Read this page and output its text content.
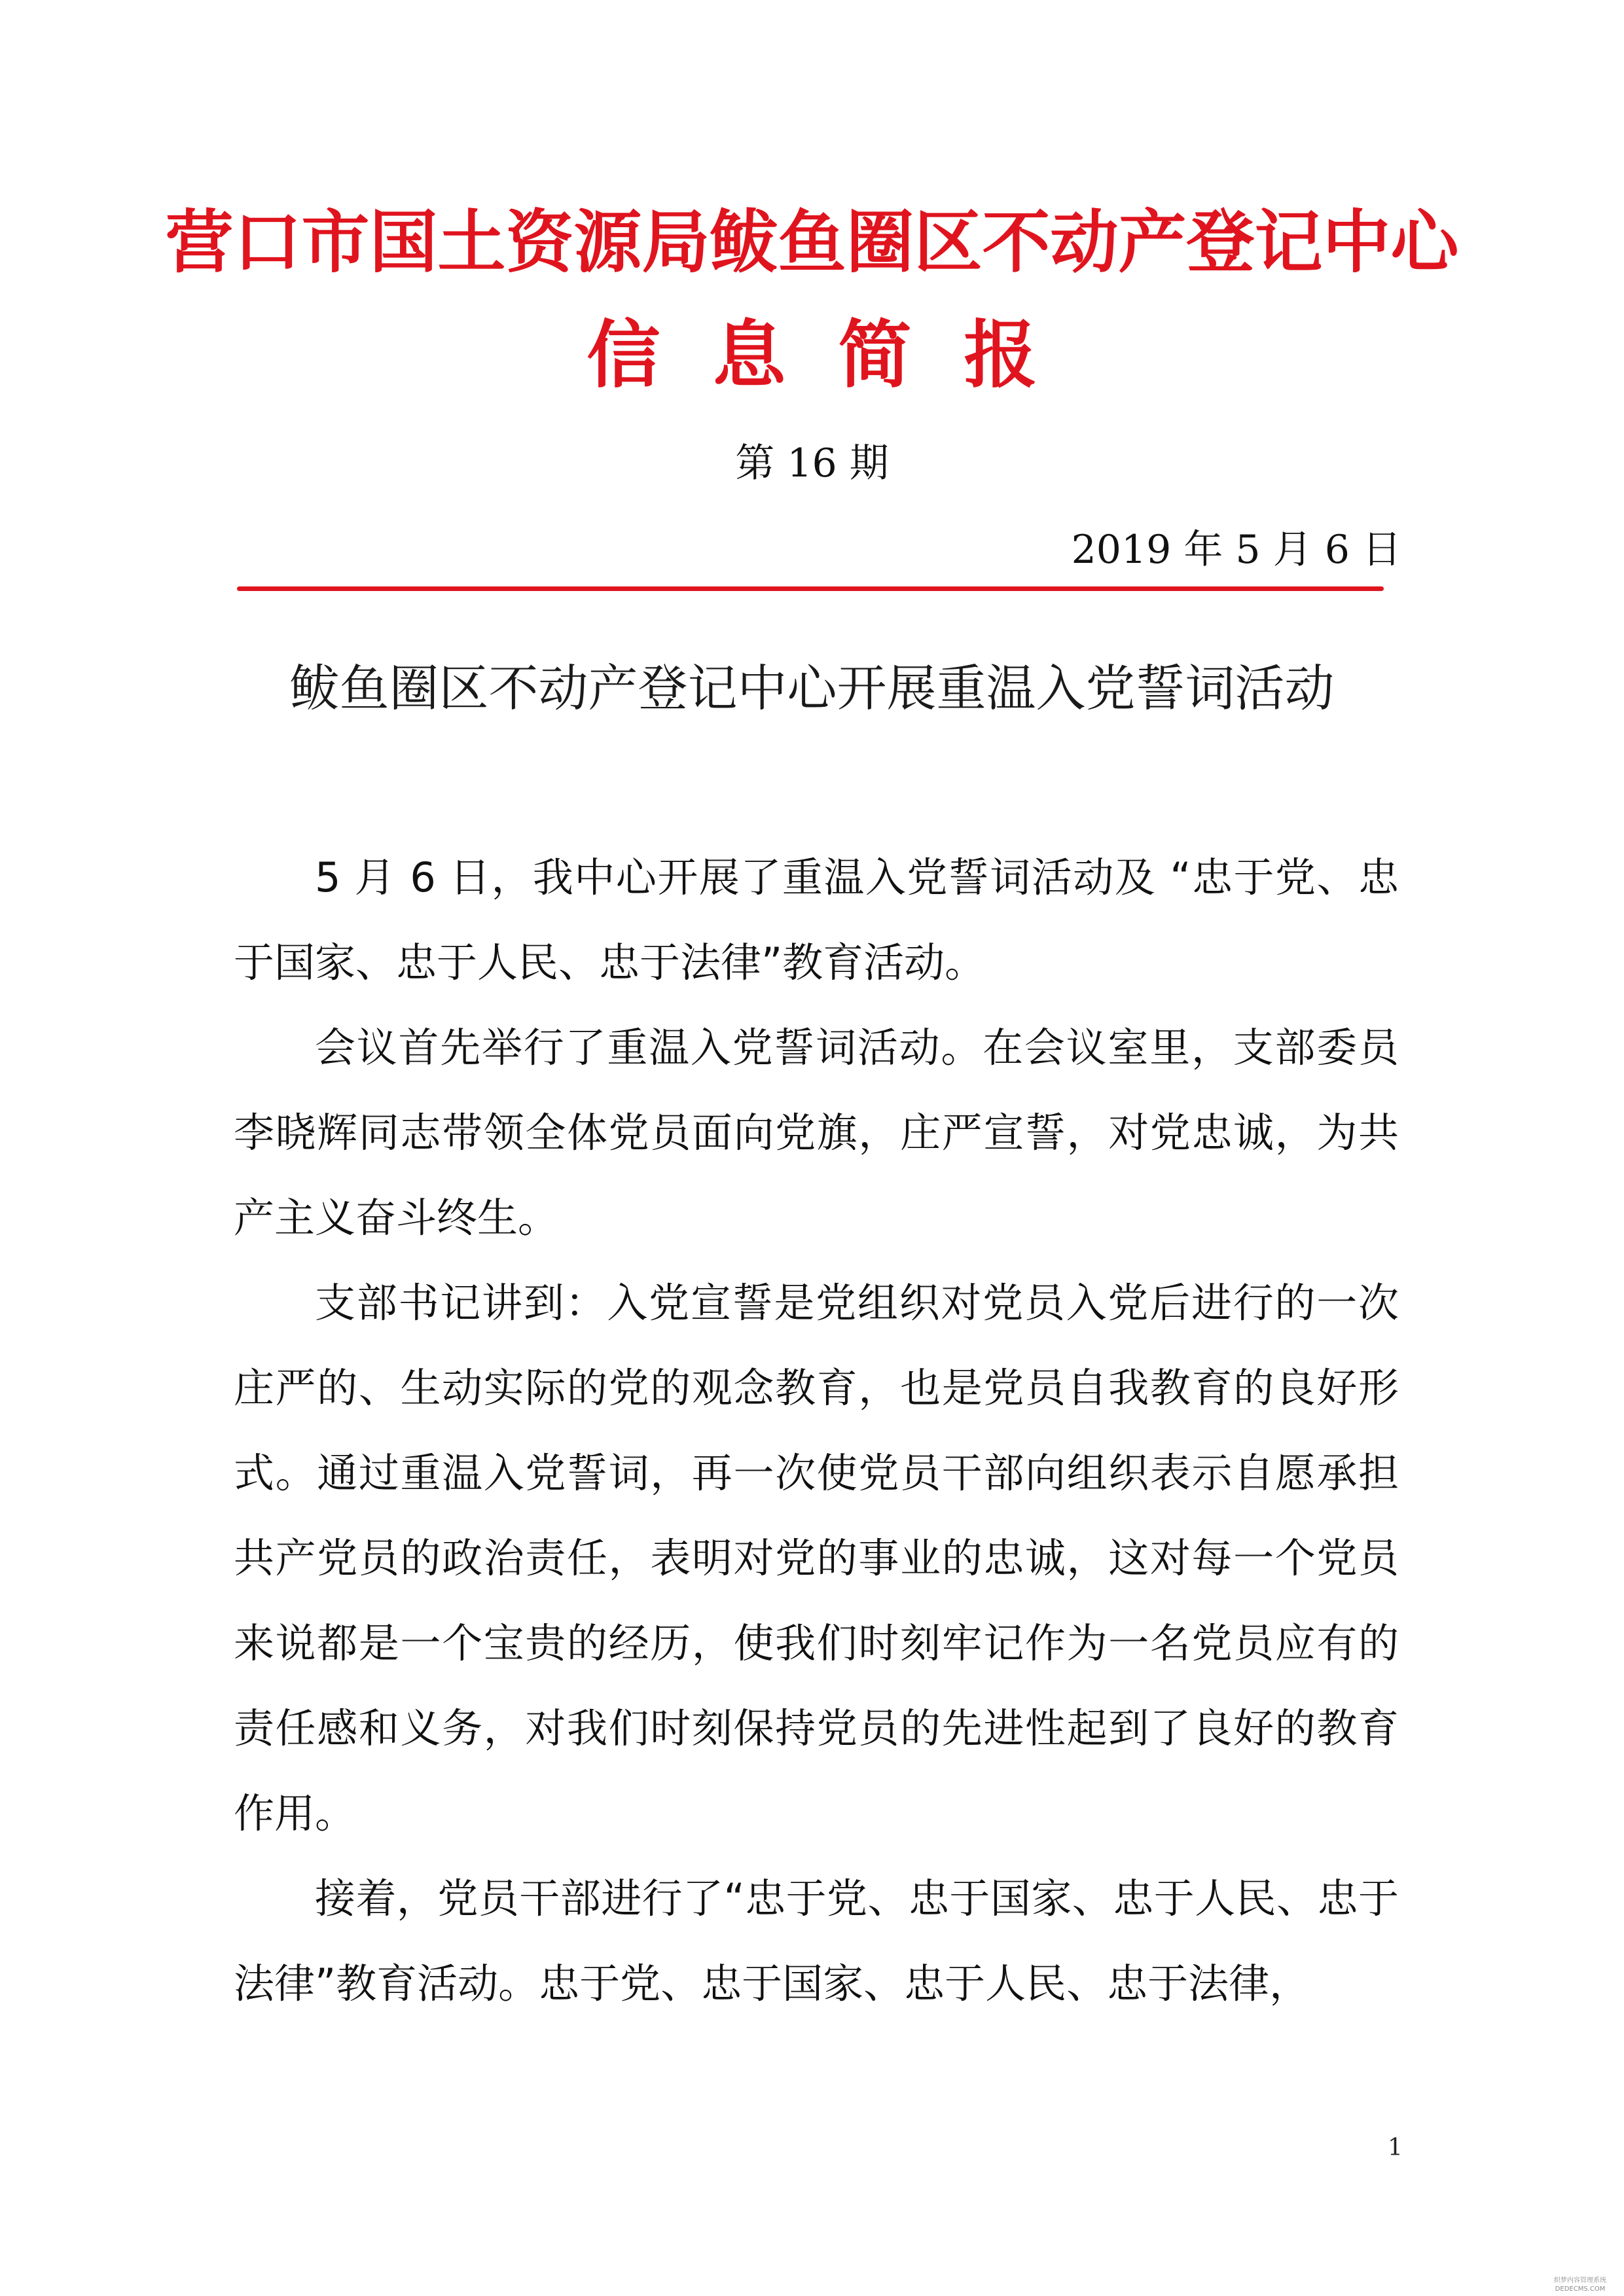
营口市国土资源局鲅鱼圈区不动产登记中心
信息简报
第 16 期
2019 年 5 月 6 日
鲅鱼圈区不动产登记中心开展重温入党誓词活动

5 月 6 日，我中心开展了重温入党誓词活动及 “忠于党、忠于国家、忠于人民、忠于法律”教育活动。

会议首先举行了重温入党誓词活动。在会议室里，支部委员李晓辉同志带领全体党员面向党旗，庄严宣誓，对党忠诚，为共产主义奋斗终生。

支部书记讲到：入党宣誓是党组织对党员入党后进行的一次庄严的、生动实际的党的观念教育，也是党员自我教育的良好形式。通过重温入党誓词，再一次使党员干部向组织表示自愿承担共产党员的政治责任，表明对党的事业的忠诚，这对每一个党员来说都是一个宝贵的经历，使我们时刻牢记作为一名党员应有的责任感和义务，对我们时刻保持党员的先进性起到了良好的教育作用。

接着，党员干部进行了“忠于党、忠于国家、忠于人民、忠于法律”教育活动。忠于党、忠于国家、忠于人民、忠于法律，

1
织梦内容管理系统 DEDECMS.COM
